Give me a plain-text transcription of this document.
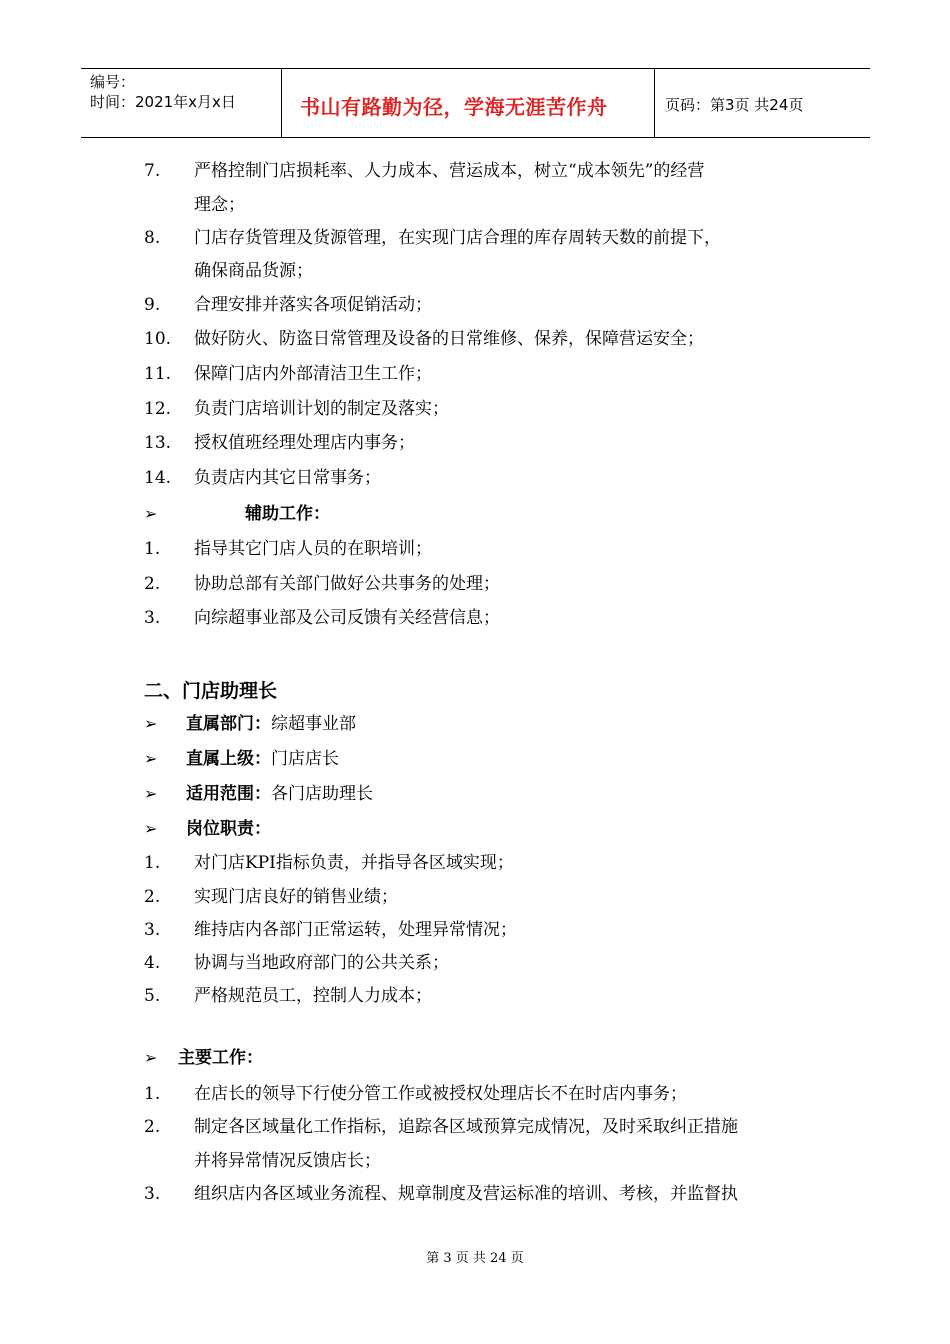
编号：
时间：2021年x月x日	书山有路勤为径，学海无涯苦作舟	页码：第3页 共24页
7. 严格控制门店损耗率、人力成本、营运成本，树立“成本领先”的经营
理念；
8. 门店存货管理及货源管理，在实现门店合理的库存周转天数的前提下，
确保商品货源；
9. 合理安排并落实各项促销活动；
10. 做好防火、防盗日常管理及设备的日常维修、保养，保障营运安全；
11. 保障门店内外部清洁卫生工作；
12. 负责门店培训计划的制定及落实；
13. 授权值班经理处理店内事务；
14. 负责店内其它日常事务；
➢	辅助工作：
1. 指导其它门店人员的在职培训；
2. 协助总部有关部门做好公共事务的处理；
3. 向综超事业部及公司反馈有关经营信息；
二、门店助理长
➢ 直属部门：综超事业部
➢ 直属上级：门店店长
➢ 适用范围：各门店助理长
➢ 岗位职责：
1. 对门店KPI指标负责，并指导各区域实现；
2. 实现门店良好的销售业绩；
3. 维持店内各部门正常运转，处理异常情况；
4. 协调与当地政府部门的公共关系；
5. 严格规范员工，控制人力成本；
➢ 主要工作：
1. 在店长的领导下行使分管工作或被授权处理店长不在时店内事务；
2. 制定各区域量化工作指标，追踪各区域预算完成情况，及时采取纠正措施
并将异常情况反馈店长；
3. 组织店内各区域业务流程、规章制度及营运标准的培训、考核，并监督执
第 3 页 共 24 页
